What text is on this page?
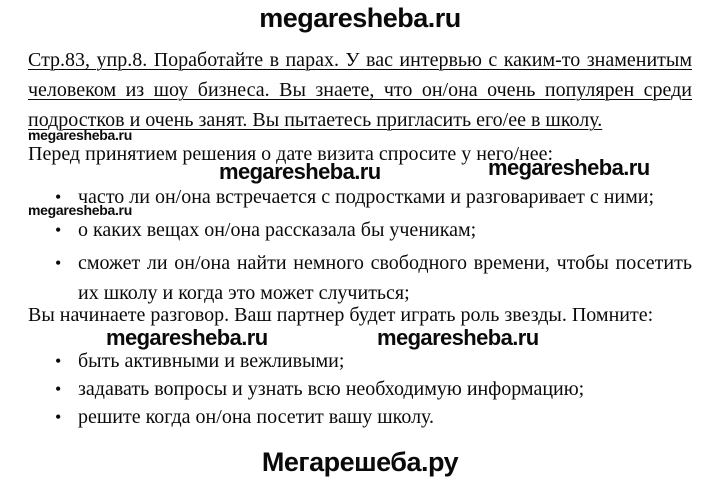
megaresheba.ru
Стр.83, упр.8. Поработайте в парах. У вас интервью с каким-то знаменитым
человеком из шоу бизнеса. Вы знаете, что он/она очень популярен среди
подростков и очень занят. Вы пытаетесь пригласить его/ее в школу.
megaresheba.ru
megaresheba.ru	megaresheba.ru
megaresheba.ru
megaresheba.ru	megaresheba.ru
Перед принятием решения о дате визита спросите у него/нее:
• часто ли он/она встречается с подростками и разговаривает с ними;
• о каких вещах он/она рассказала бы ученикам;
• сможет ли он/она найти немного свободного времени, чтобы посетить их школу и когда это может случиться;
Вы начинаете разговор. Ваш партнер будет играть роль звезды. Помните:
• быть активными и вежливыми;
• задавать вопросы и узнать всю необходимую информацию;
• решите когда он/она посетит вашу школу.
Мегарешеба.ру
